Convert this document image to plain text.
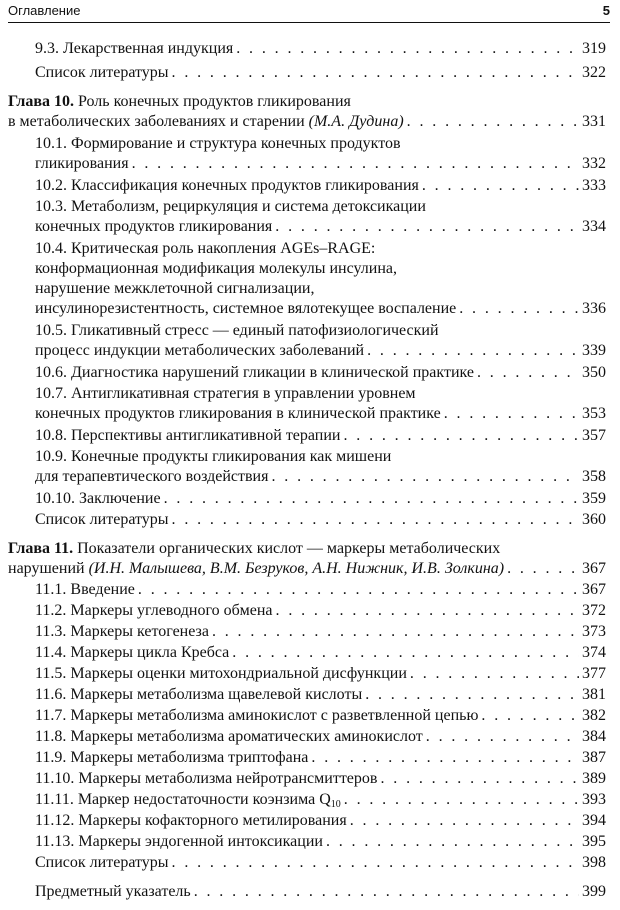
Оглавление	5
9.3. Лекарственная индукция . . .	319
Список литературы . . .	322
Глава 10. Роль конечных продуктов гликирования
в метаболических заболеваниях и старении (М.А. Дудина) . . .	331
10.1. Формирование и структура конечных продуктов
гликирования . . .	332
10.2. Классификация конечных продуктов гликирования . . .	333
10.3. Метаболизм, рециркуляция и система детоксикации
конечных продуктов гликирования . . .	334
10.4. Критическая роль накопления AGEs–RAGE:
конформационная модификация молекулы инсулина,
нарушение межклеточной сигнализации,
инсулинорезистентность, системное вялотекущее воспаление . . .	336
10.5. Гликативный стресс — единый патофизиологический
процесс индукции метаболических заболеваний . . .	339
10.6. Диагностика нарушений гликации в клинической практике . . .	350
10.7. Антигликативная стратегия в управлении уровнем
конечных продуктов гликирования в клинической практике . . .	353
10.8. Перспективы антигликативной терапии . . .	357
10.9. Конечные продукты гликирования как мишени
для терапевтического воздействия . . .	358
10.10. Заключение . . .	359
Список литературы . . .	360
Глава 11. Показатели органических кислот — маркеры метаболических
нарушений (И.Н. Малышева, В.М. Безруков, А.Н. Нижник, И.В. Золкина) . . .	367
11.1. Введение . . .	367
11.2. Маркеры углеводного обмена . . .	372
11.3. Маркеры кетогенеза . . .	373
11.4. Маркеры цикла Кребса . . .	374
11.5. Маркеры оценки митохондриальной дисфункции . . .	377
11.6. Маркеры метаболизма щавелевой кислоты . . .	381
11.7. Маркеры метаболизма аминокислот с разветвленной цепью . . .	382
11.8. Маркеры метаболизма ароматических аминокислот . . .	384
11.9. Маркеры метаболизма триптофана . . .	387
11.10. Маркеры метаболизма нейротрансмиттеров . . .	389
11.11. Маркер недостаточности коэнзима $Q_{10}$ . . .	393
11.12. Маркеры кофакторного метилирования . . .	394
11.13. Маркеры эндогенной интоксикации . . .	395
Список литературы . . .	398
Предметный указатель . . .	399
